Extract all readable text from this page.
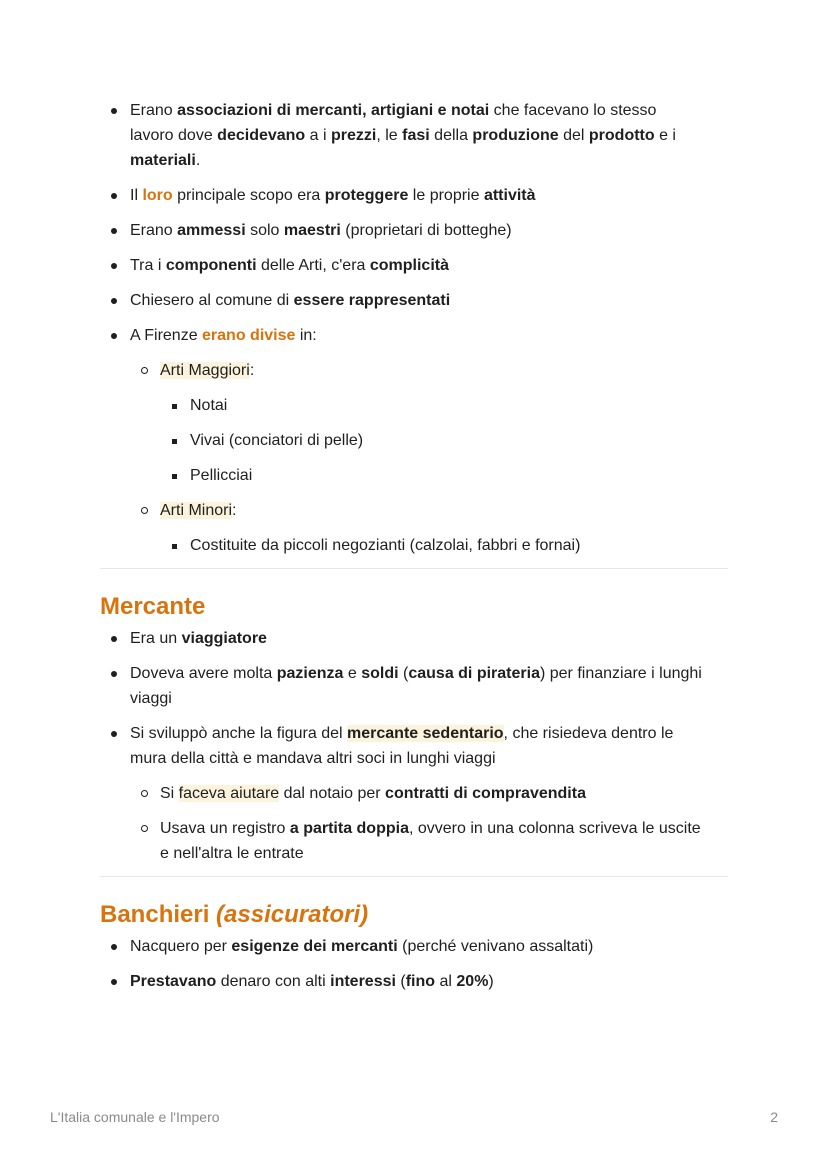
Erano associazioni di mercanti, artigiani e notai che facevano lo stesso
lavoro dove decidevano a i prezzi, le fasi della produzione del prodotto e i
materiali.
Il loro principale scopo era proteggere le proprie attività
Erano ammessi solo maestri (proprietari di botteghe)
Tra i componenti delle Arti, c'era complicità
Chiesero al comune di essere rappresentati
A Firenze erano divise in:
Arti Maggiori:
Notai
Vivai (conciatori di pelle)
Pellicciai
Arti Minori:
Costituite da piccoli negozianti (calzolai, fabbri e fornai)
Mercante
Era un viaggiatore
Doveva avere molta pazienza e soldi (causa di pirateria) per finanziare i lunghi
viaggi
Si sviluppò anche la figura del mercante sedentario, che risiedeva dentro le
mura della città e mandava altri soci in lunghi viaggi
Si faceva aiutare dal notaio per contratti di compravendita
Usava un registro a partita doppia, ovvero in una colonna scriveva le uscite
e nell'altra le entrate
Banchieri (assicuratori)
Nacquero per esigenze dei mercanti (perché venivano assaltati)
Prestavano denaro con alti interessi (fino al 20%)
L'Italia comunale e l'Impero	2
